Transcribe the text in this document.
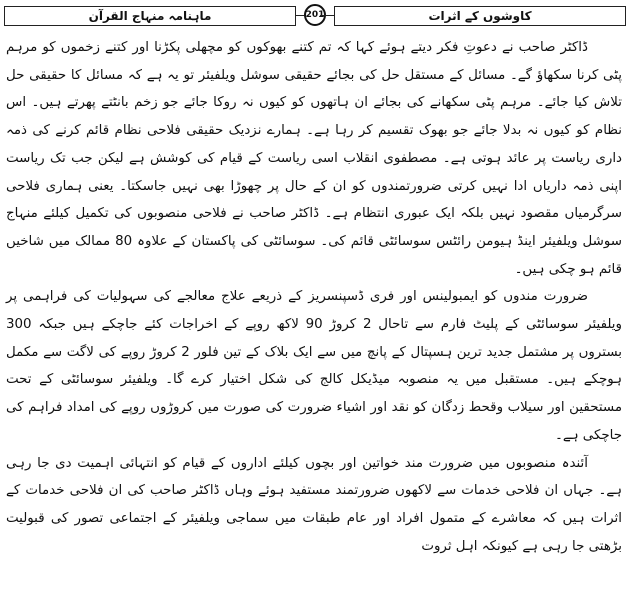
ماہنامہ منہاج القرآن	201	کاوشوں کے اثرات

ڈاکٹر صاحب نے دعوتِ فکر دیتے ہوئے کہا کہ تم کتنے بھوکوں کو مچھلی پکڑنا اور کتنے زخموں کو مرہم پٹی کرنا سکھاؤ گے۔ مسائل کے مستقل حل کی بجائے حقیقی سوشل ویلفیئر تو یہ ہے کہ مسائل کا حقیقی حل تلاش کیا جائے۔ مرہم پٹی سکھانے کی بجائے ان ہاتھوں کو کیوں نہ روکا جائے جو زخم بانٹتے پھرتے ہیں۔ اس نظام کو کیوں نہ بدلا جائے جو بھوک تقسیم کر رہا ہے۔ ہمارے نزدیک حقیقی فلاحی نظام قائم کرنے کی ذمہ داری ریاست پر عائد ہوتی ہے۔ مصطفوی انقلاب اسی ریاست کے قیام کی کوشش ہے لیکن جب تک ریاست اپنی ذمہ داریاں ادا نہیں کرتی ضرورتمندوں کو ان کے حال پر چھوڑا بھی نہیں جاسکتا۔ یعنی ہماری فلاحی سرگرمیاں مقصود نہیں بلکہ ایک عبوری انتظام ہے۔ ڈاکٹر صاحب نے فلاحی منصوبوں کی تکمیل کیلئے منہاج سوشل ویلفیئر اینڈ ہیومن رائٹس سوسائٹی قائم کی۔ سوسائٹی کی پاکستان کے علاوہ 80 ممالک میں شاخیں قائم ہو چکی ہیں۔

ضرورت مندوں کو ایمبولینس اور فری ڈسپنسریز کے ذریعے علاج معالجے کی سہولیات کی فراہمی پر ویلفیئر سوسائٹی کے پلیٹ فارم سے تاحال 2 کروڑ 90 لاکھ روپے کے اخراجات کئے جاچکے ہیں جبکہ 300 بستروں پر مشتمل جدید ترین ہسپتال کے پانچ میں سے ایک بلاک کے تین فلور 2 کروڑ روپے کی لاگت سے مکمل ہوچکے ہیں۔ مستقبل میں یہ منصوبہ میڈیکل کالج کی شکل اختیار کرے گا۔ ویلفیئر سوسائٹی کے تحت مستحقین اور سیلاب وقحط زدگان کو نقد اور اشیاء ضرورت کی صورت میں کروڑوں روپے کی امداد فراہم کی جاچکی ہے۔

آئندہ منصوبوں میں ضرورت مند خواتین اور بچوں کیلئے اداروں کے قیام کو انتہائی اہمیت دی جا رہی ہے۔ جہاں ان فلاحی خدمات سے لاکھوں ضرورتمند مستفید ہوئے وہاں ڈاکٹر صاحب کی ان فلاحی خدمات کے اثرات ہیں کہ معاشرے کے متمول افراد اور عام طبقات میں سماجی ویلفیئر کے اجتماعی تصور کی قبولیت بڑھتی جا رہی ہے کیونکہ اہل ثروت
